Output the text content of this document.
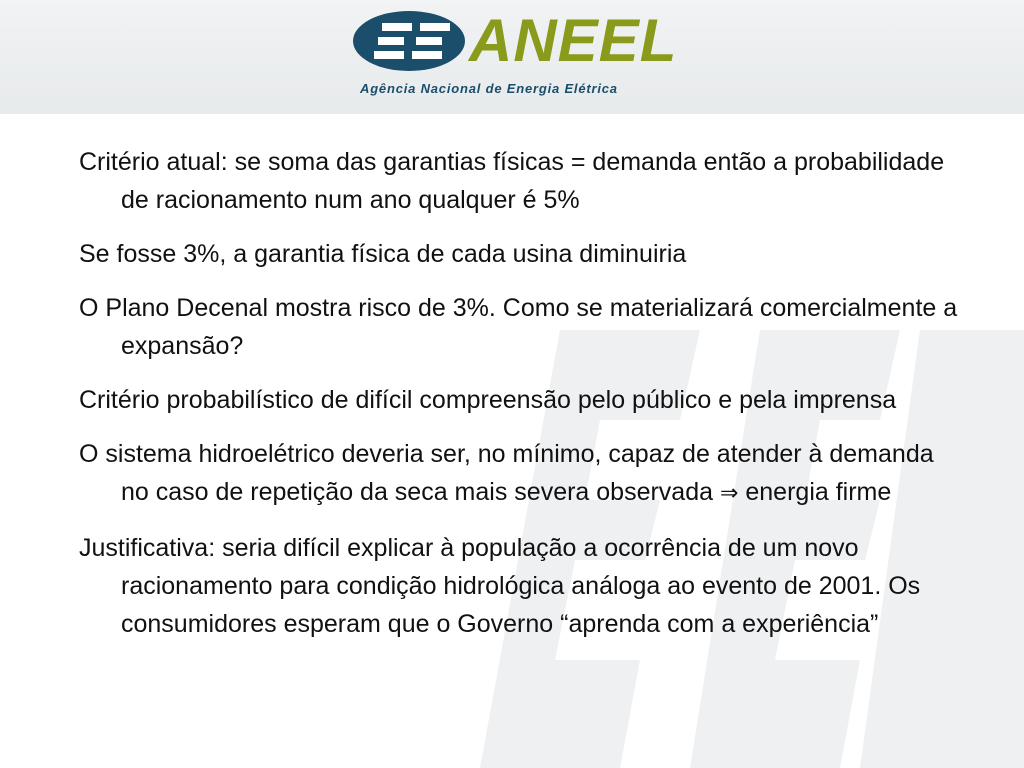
ANEEL
Agência Nacional de Energia Elétrica
Critério atual: se soma das garantias físicas = demanda então a probabilidade de racionamento num ano qualquer é 5%
Se fosse 3%, a garantia física de cada usina diminuiria
O Plano Decenal mostra risco de 3%. Como se materializará comercialmente a expansão?
Critério probabilístico de difícil compreensão pelo público e pela imprensa
O sistema hidroelétrico deveria ser, no mínimo, capaz de atender à demanda no caso de repetição da seca mais severa observada ⇒ energia firme
Justificativa: seria difícil explicar à população a ocorrência de um novo racionamento para condição hidrológica análoga ao evento de 2001. Os consumidores esperam que o Governo “aprenda com a experiência”
